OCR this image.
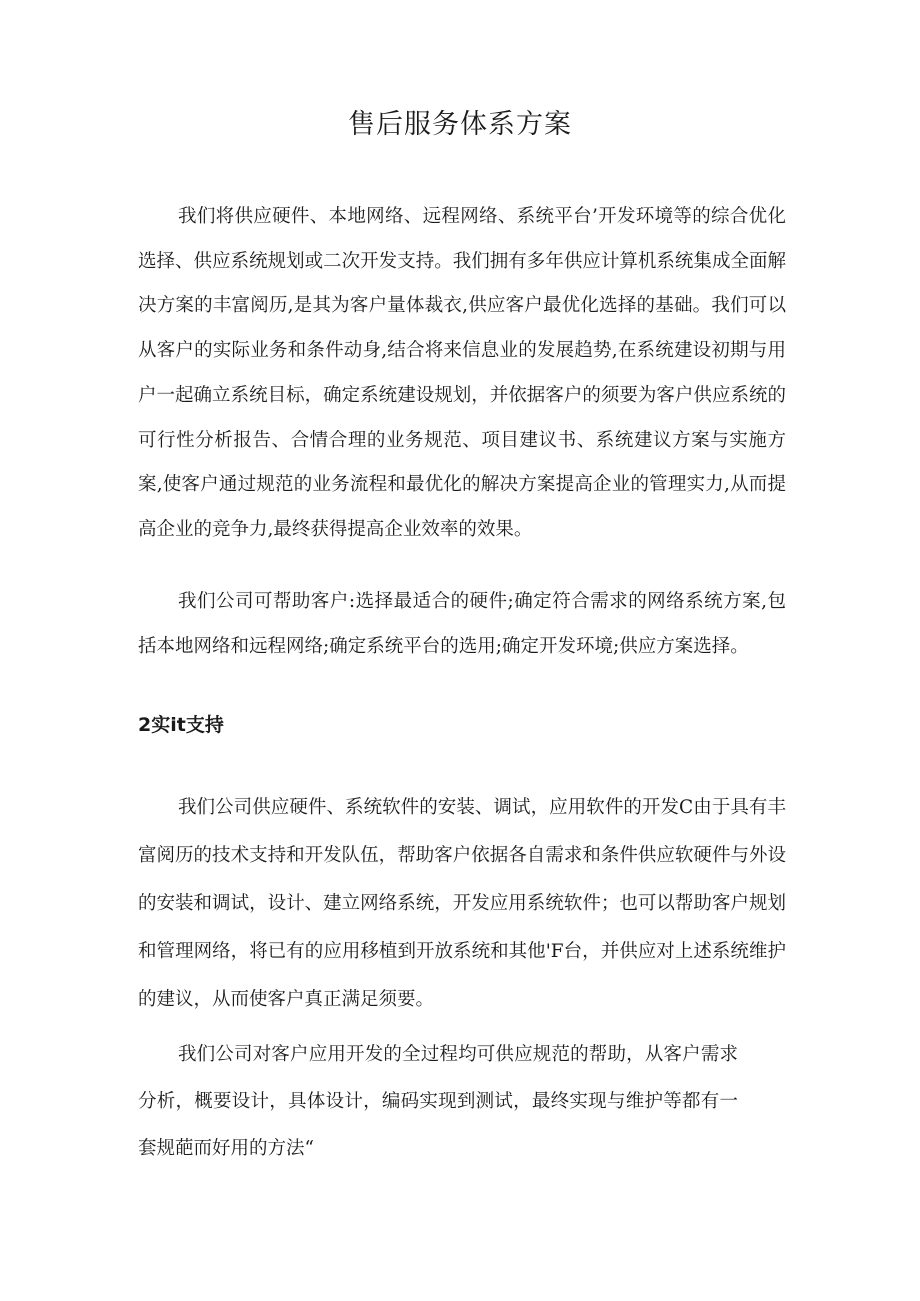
售后服务体系方案

我们将供应硬件、本地网络、远程网络、系统平台’开发环境等的综合优化选择、供应系统规划或二次开发支持。我们拥有多年供应计算机系统集成全面解决方案的丰富阅历,是其为客户量体裁衣,供应客户最优化选择的基础。我们可以从客户的实际业务和条件动身,结合将来信息业的发展趋势,在系统建设初期与用户一起确立系统目标，确定系统建设规划，并依据客户的须要为客户供应系统的可行性分析报告、合情合理的业务规范、项目建议书、系统建议方案与实施方案,使客户通过规范的业务流程和最优化的解决方案提高企业的管理实力,从而提高企业的竞争力,最终获得提高企业效率的效果。

我们公司可帮助客户:选择最适合的硬件;确定符合需求的网络系统方案,包括本地网络和远程网络;确定系统平台的选用;确定开发环境;供应方案选择。

2实it支持

我们公司供应硬件、系统软件的安装、调试，应用软件的开发C由于具有丰富阅历的技术支持和开发队伍，帮助客户依据各自需求和条件供应软硬件与外设的安装和调试，设计、建立网络系统，开发应用系统软件；也可以帮助客户规划和管理网络，将已有的应用移植到开放系统和其他'F台，并供应对上述系统维护的建议，从而使客户真正满足须要。

我们公司对客户应用开发的全过程均可供应规范的帮助，从客户需求分析，概要设计，具体设计，编码实现到测试，最终实现与维护等都有一套规葩而好用的方法“
